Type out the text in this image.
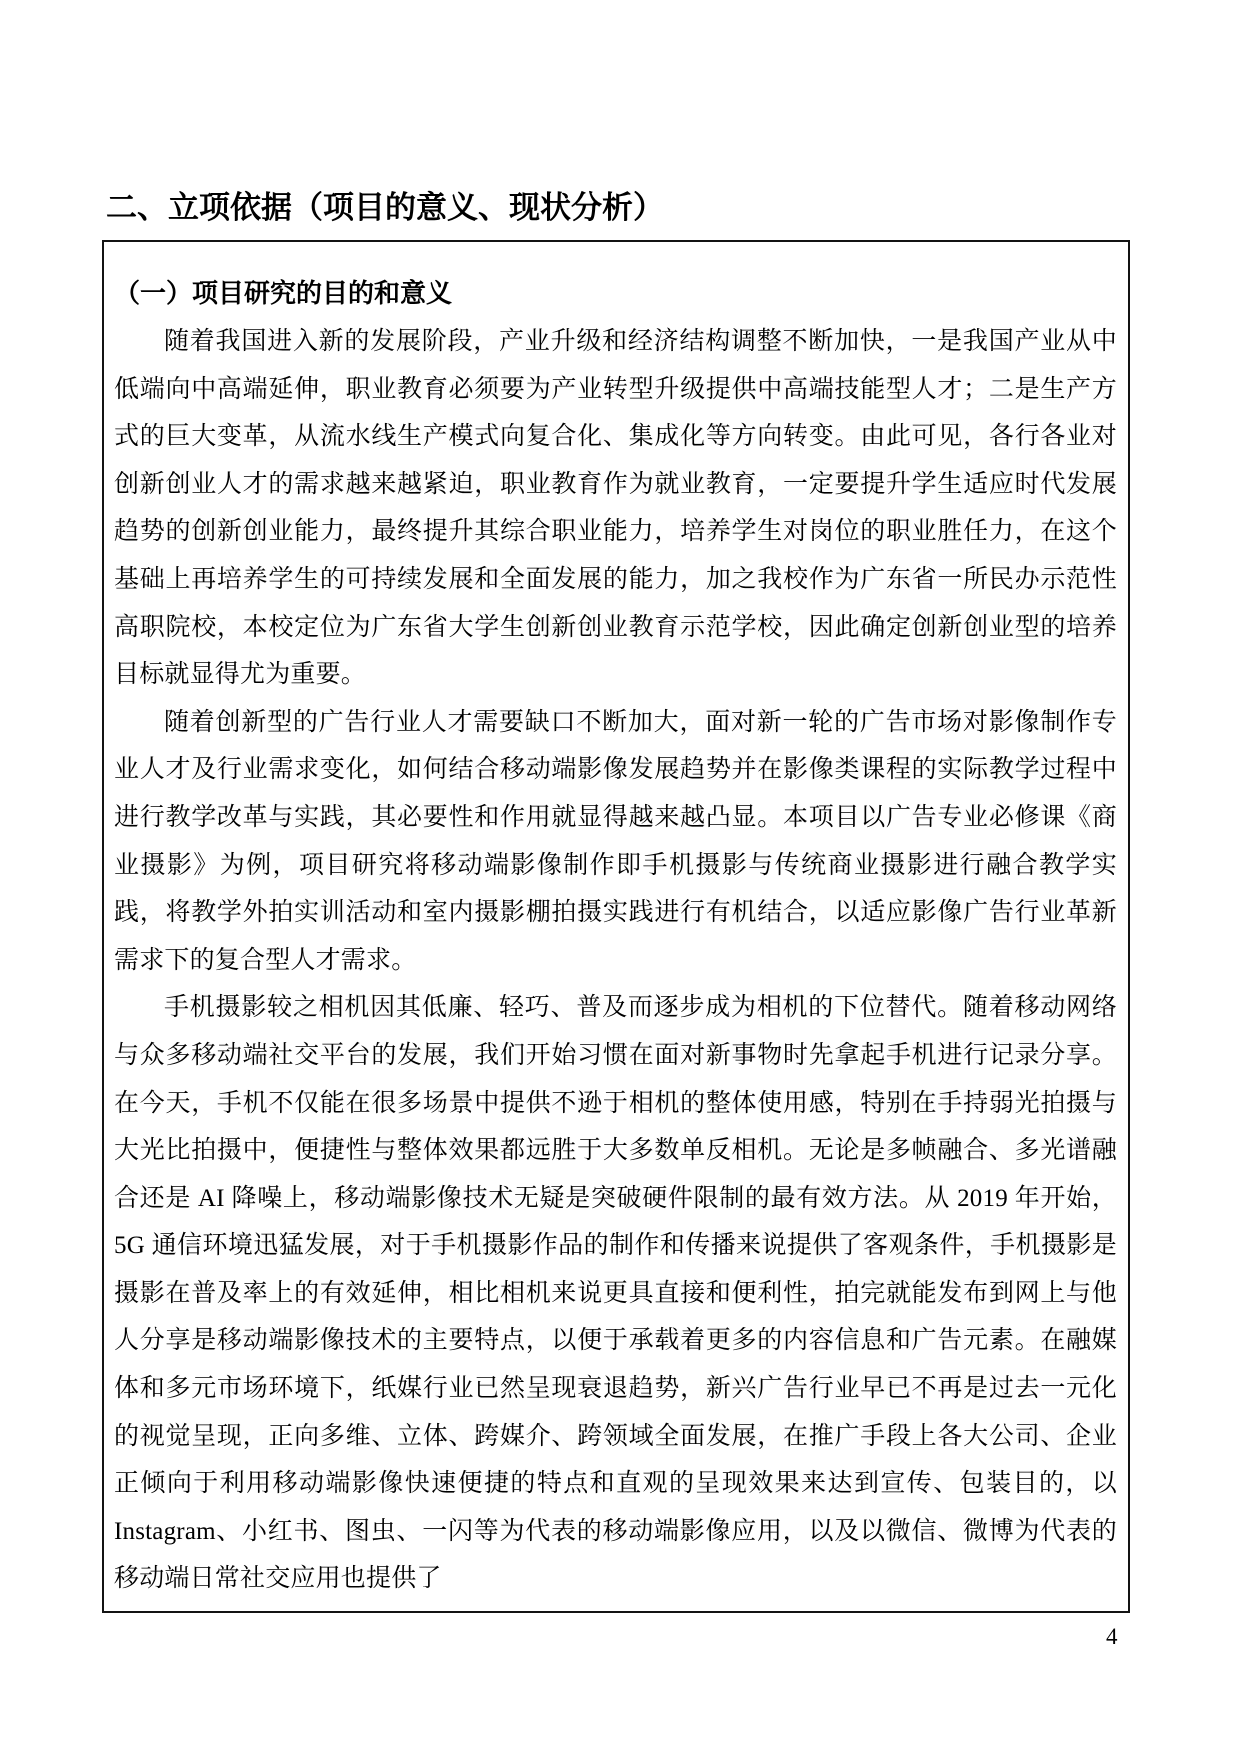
二、立项依据（项目的意义、现状分析）
（一）项目研究的目的和意义

随着我国进入新的发展阶段，产业升级和经济结构调整不断加快，一是我国产业从中低端向中高端延伸，职业教育必须要为产业转型升级提供中高端技能型人才；二是生产方式的巨大变革，从流水线生产模式向复合化、集成化等方向转变。由此可见，各行各业对创新创业人才的需求越来越紧迫，职业教育作为就业教育，一定要提升学生适应时代发展趋势的创新创业能力，最终提升其综合职业能力，培养学生对岗位的职业胜任力，在这个基础上再培养学生的可持续发展和全面发展的能力，加之我校作为广东省一所民办示范性高职院校，本校定位为广东省大学生创新创业教育示范学校，因此确定创新创业型的培养目标就显得尤为重要。

随着创新型的广告行业人才需要缺口不断加大，面对新一轮的广告市场对影像制作专业人才及行业需求变化，如何结合移动端影像发展趋势并在影像类课程的实际教学过程中进行教学改革与实践，其必要性和作用就显得越来越凸显。本项目以广告专业必修课《商业摄影》为例，项目研究将移动端影像制作即手机摄影与传统商业摄影进行融合教学实践，将教学外拍实训活动和室内摄影棚拍摄实践进行有机结合，以适应影像广告行业革新需求下的复合型人才需求。

手机摄影较之相机因其低廉、轻巧、普及而逐步成为相机的下位替代。随着移动网络与众多移动端社交平台的发展，我们开始习惯在面对新事物时先拿起手机进行记录分享。在今天，手机不仅能在很多场景中提供不逊于相机的整体使用感，特别在手持弱光拍摄与大光比拍摄中，便捷性与整体效果都远胜于大多数单反相机。无论是多帧融合、多光谱融合还是 AI 降噪上，移动端影像技术无疑是突破硬件限制的最有效方法。从 2019 年开始，5G 通信环境迅猛发展，对于手机摄影作品的制作和传播来说提供了客观条件，手机摄影是摄影在普及率上的有效延伸，相比相机来说更具直接和便利性，拍完就能发布到网上与他人分享是移动端影像技术的主要特点，以便于承载着更多的内容信息和广告元素。在融媒体和多元市场环境下，纸媒行业已然呈现衰退趋势，新兴广告行业早已不再是过去一元化的视觉呈现，正向多维、立体、跨媒介、跨领域全面发展，在推广手段上各大公司、企业正倾向于利用移动端影像快速便捷的特点和直观的呈现效果来达到宣传、包装目的，以 Instagram、小红书、图虫、一闪等为代表的移动端影像应用，以及以微信、微博为代表的移动端日常社交应用也提供了

4
